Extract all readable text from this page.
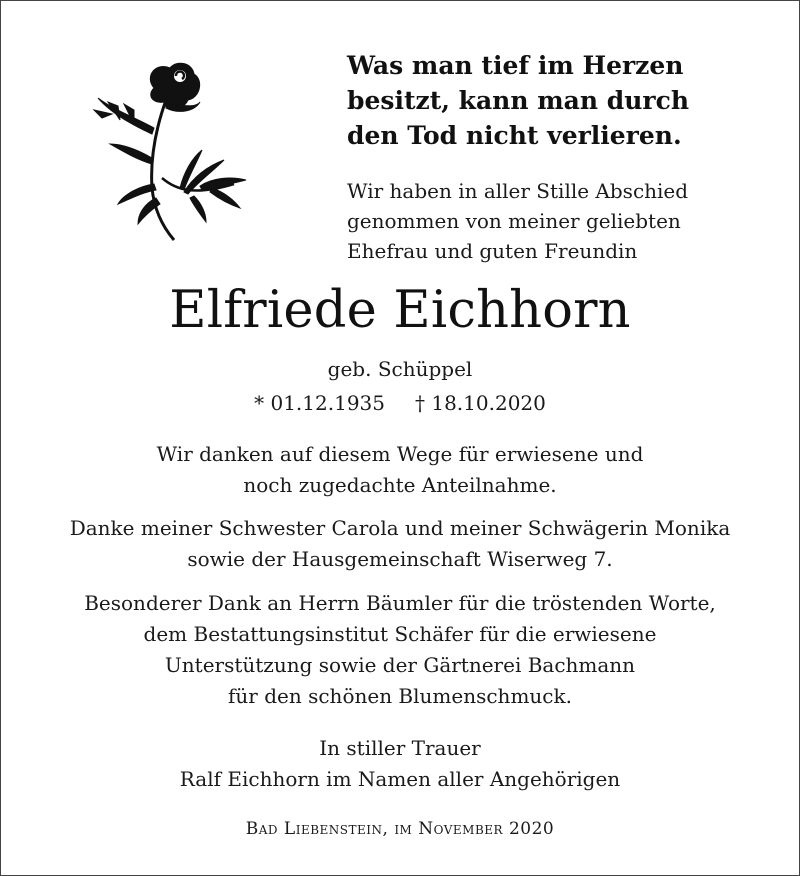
Was man tief im Herzen
besitzt, kann man durch
den Tod nicht verlieren.
Wir haben in aller Stille Abschied
genommen von meiner geliebten
Ehefrau und guten Freundin
Elfriede Eichhorn
geb. Schüppel
* 01.12.1935 † 18.10.2020
Wir danken auf diesem Wege für erwiesene und
noch zugedachte Anteilnahme.
Danke meiner Schwester Carola und meiner Schwägerin Monika
sowie der Hausgemeinschaft Wiserweg 7.
Besonderer Dank an Herrn Bäumler für die tröstenden Worte,
dem Bestattungsinstitut Schäfer für die erwiesene
Unterstützung sowie der Gärtnerei Bachmann
für den schönen Blumenschmuck.
In stiller Trauer
Ralf Eichhorn im Namen aller Angehörigen
Bad Liebenstein, im November 2020
